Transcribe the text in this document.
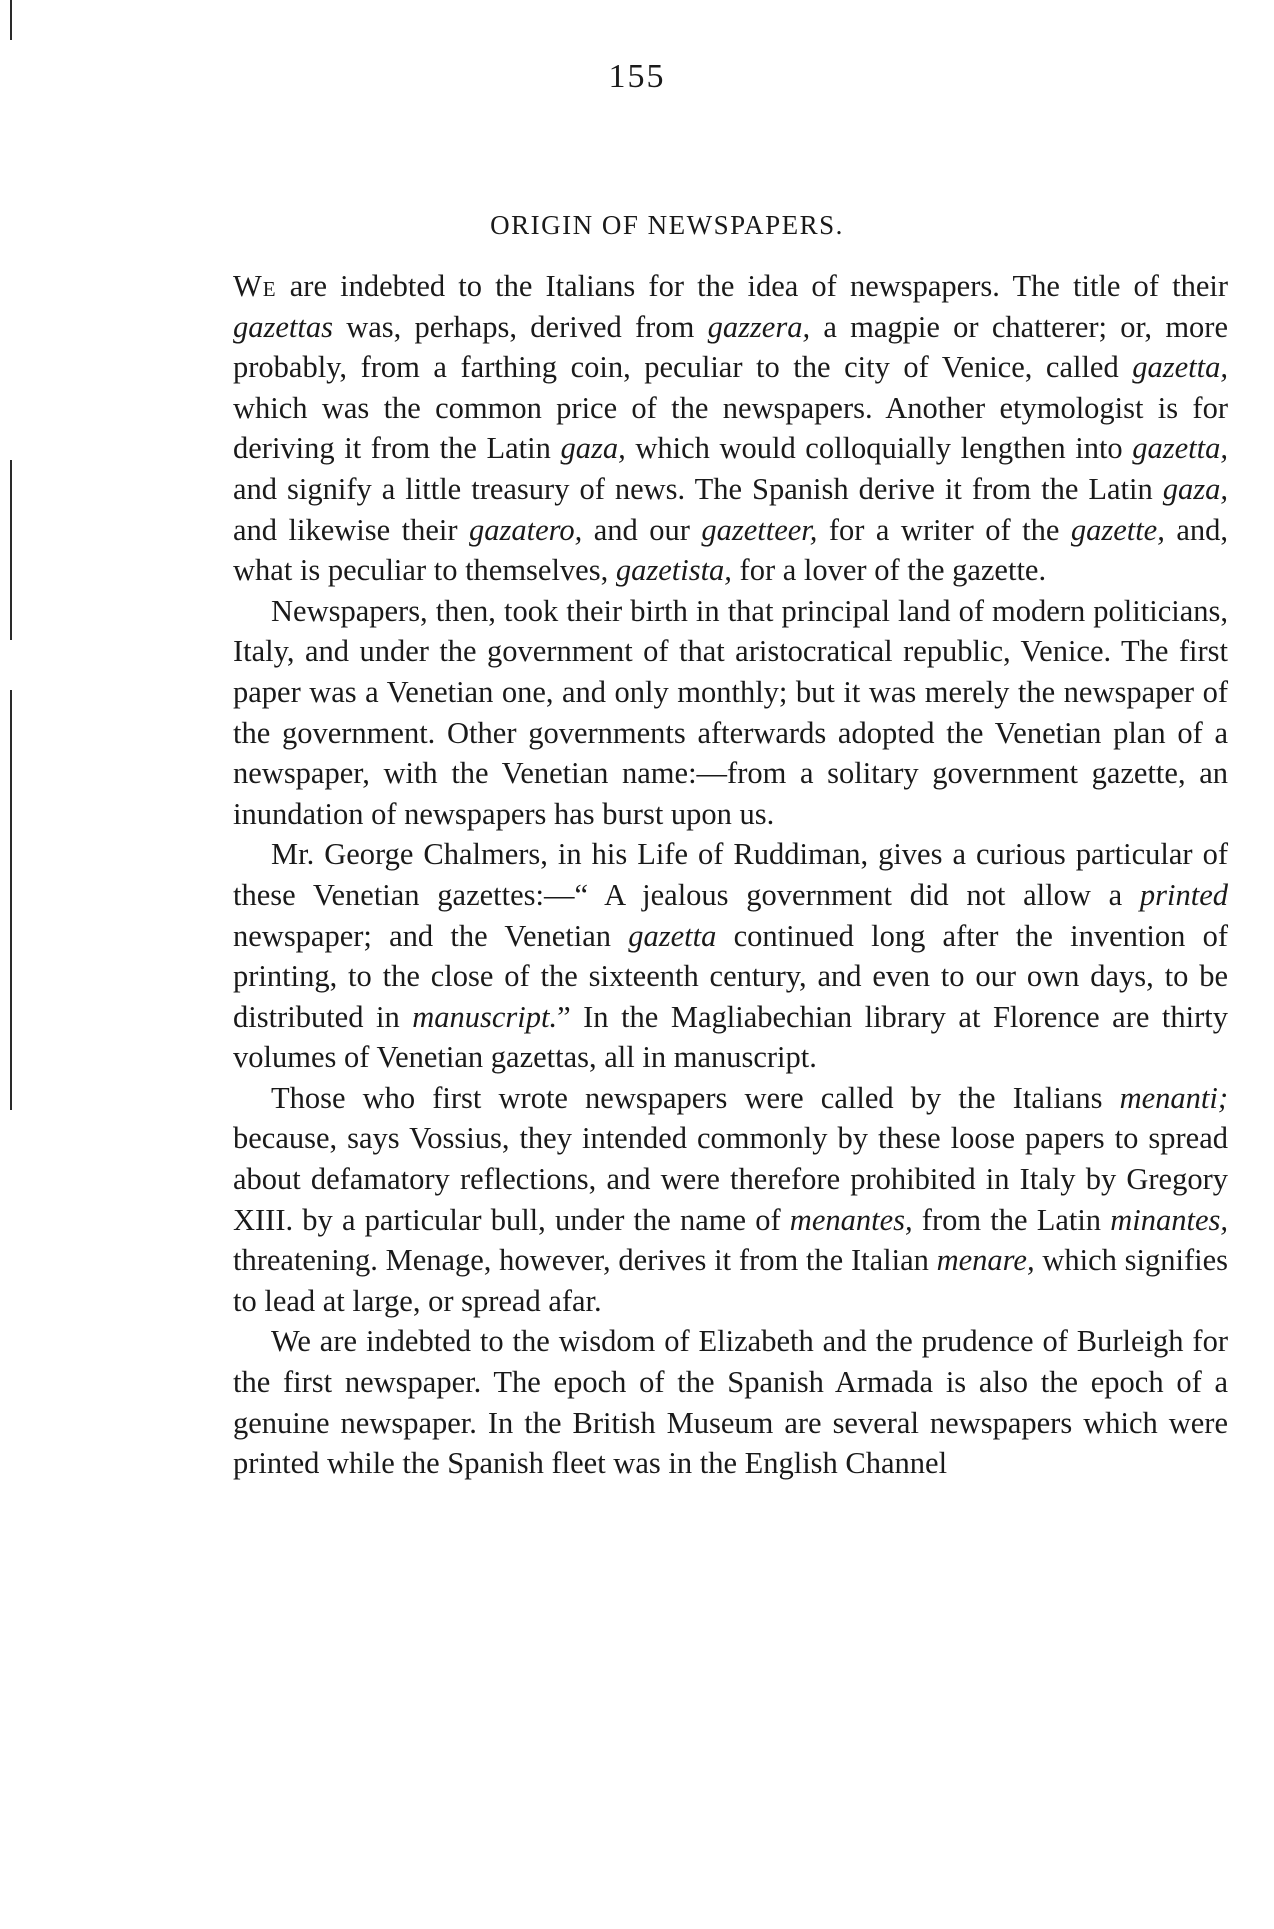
155
ORIGIN OF NEWSPAPERS.

We are indebted to the Italians for the idea of newspapers. The title of their gazettas was, perhaps, derived from gazzera, a magpie or chatterer; or, more probably, from a farthing coin, peculiar to the city of Venice, called gazetta, which was the common price of the newspapers. Another etymologist is for deriving it from the Latin gaza, which would colloquially lengthen into gazetta, and signify a little treasury of news. The Spanish derive it from the Latin gaza, and likewise their gazatero, and our gazetteer, for a writer of the gazette, and, what is peculiar to themselves, gazetista, for a lover of the gazette.

Newspapers, then, took their birth in that principal land of modern politicians, Italy, and under the government of that aristocratical republic, Venice. The first paper was a Venetian one, and only monthly; but it was merely the newspaper of the government. Other governments afterwards adopted the Venetian plan of a newspaper, with the Venetian name:—from a solitary government gazette, an inundation of newspapers has burst upon us.

Mr. George Chalmers, in his Life of Ruddiman, gives a curious particular of these Venetian gazettes:—“ A jealous government did not allow a printed newspaper; and the Venetian gazetta continued long after the invention of printing, to the close of the sixteenth century, and even to our own days, to be distributed in manuscript.” In the Magliabechian library at Florence are thirty volumes of Venetian gazettas, all in manuscript.

Those who first wrote newspapers were called by the Italians menanti; because, says Vossius, they intended commonly by these loose papers to spread about defamatory reflections, and were therefore prohibited in Italy by Gregory XIII. by a particular bull, under the name of menantes, from the Latin minantes, threatening. Menage, however, derives it from the Italian menare, which signifies to lead at large, or spread afar.

We are indebted to the wisdom of Elizabeth and the prudence of Burleigh for the first newspaper. The epoch of the Spanish Armada is also the epoch of a genuine newspaper. In the British Museum are several newspapers which were printed while the Spanish fleet was in the English Channel
